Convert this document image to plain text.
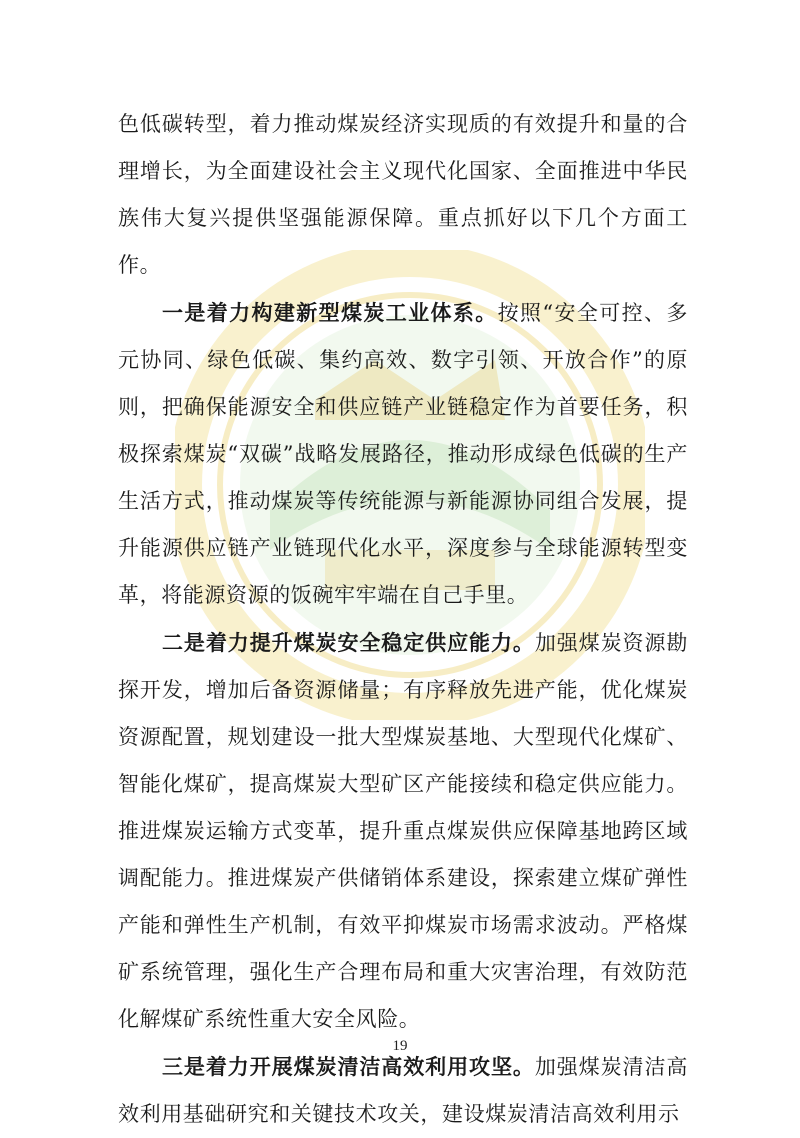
色低碳转型，着力推动煤炭经济实现质的有效提升和量的合理增长，为全面建设社会主义现代化国家、全面推进中华民族伟大复兴提供坚强能源保障。重点抓好以下几个方面工作。

一是着力构建新型煤炭工业体系。按照“安全可控、多元协同、绿色低碳、集约高效、数字引领、开放合作”的原则，把确保能源安全和供应链产业链稳定作为首要任务，积极探索煤炭“双碳”战略发展路径，推动形成绿色低碳的生产生活方式，推动煤炭等传统能源与新能源协同组合发展，提升能源供应链产业链现代化水平，深度参与全球能源转型变革，将能源资源的饭碗牢牢端在自己手里。

二是着力提升煤炭安全稳定供应能力。加强煤炭资源勘探开发，增加后备资源储量；有序释放先进产能，优化煤炭资源配置，规划建设一批大型煤炭基地、大型现代化煤矿、智能化煤矿，提高煤炭大型矿区产能接续和稳定供应能力。推进煤炭运输方式变革，提升重点煤炭供应保障基地跨区域调配能力。推进煤炭产供储销体系建设，探索建立煤矿弹性产能和弹性生产机制，有效平抑煤炭市场需求波动。严格煤矿系统管理，强化生产合理布局和重大灾害治理，有效防范化解煤矿系统性重大安全风险。

三是着力开展煤炭清洁高效利用攻坚。加强煤炭清洁高效利用基础研究和关键技术攻关，建设煤炭清洁高效利用示

19
